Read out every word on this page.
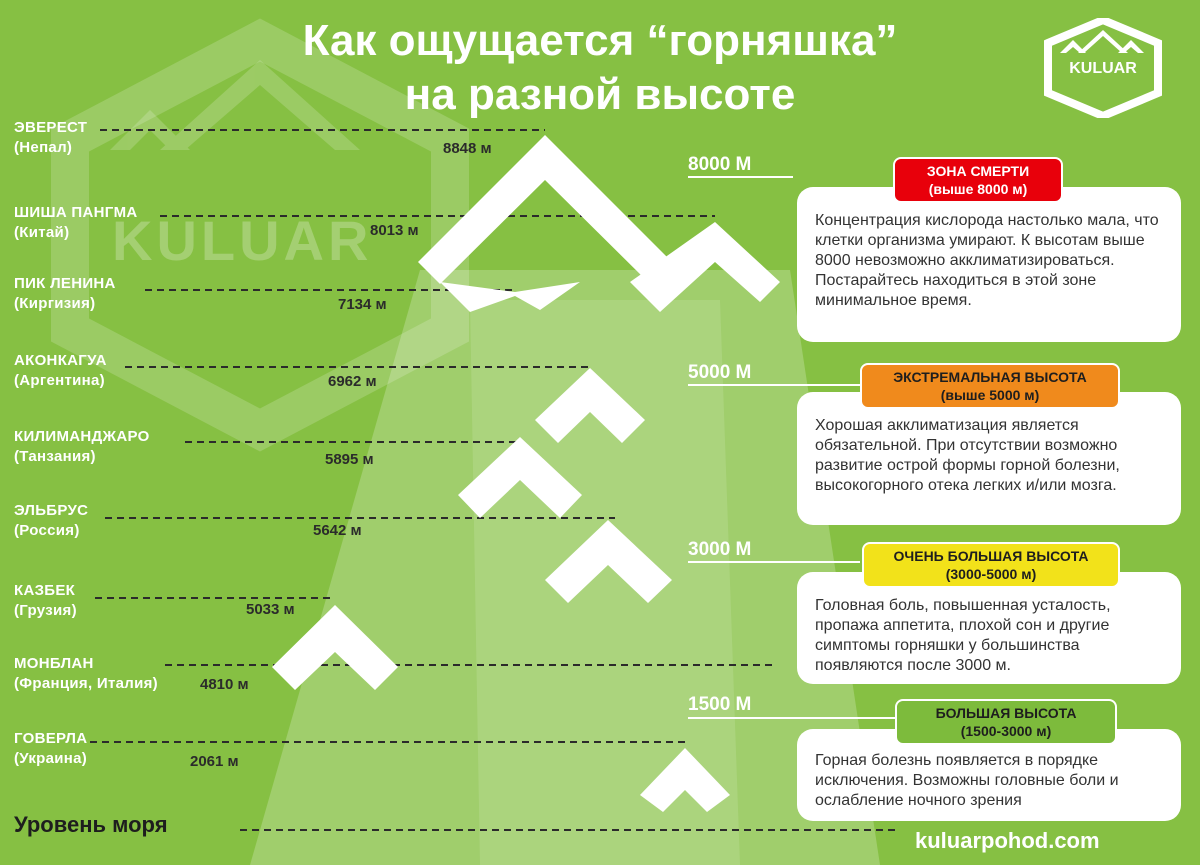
KULUAR
Как ощущается “горняшка”
на разной высоте
KULUAR
ЭВЕРЕСТ
(Непал)	8848 м
ШИША ПАНГМА
(Китай)	8013 м
ПИК ЛЕНИНА
(Киргизия)	7134 м
АКОНКАГУА
(Аргентина)	6962 м
КИЛИМАНДЖАРО
(Танзания)	5895 м
ЭЛЬБРУС
(Россия)	5642 м
КАЗБЕК
(Грузия)	5033 м
МОНБЛАН
(Франция, Италия)	4810 м
ГОВЕРЛА
(Украина)	2061 м
8000 М
5000 М
3000 М
1500 М
Концентрация кислорода настолько мала, что клетки организма умирают. К высотам выше 8000 невозможно акклиматизироваться. Постарайтесь находиться в этой зоне минимальное время.
ЗОНА СМЕРТИ
(выше 8000 м)
Хорошая акклиматизация является обязательной. При отсутствии возможно развитие острой формы горной болезни, высокогорного отека легких и/или мозга.
ЭКСТРЕМАЛЬНАЯ ВЫСОТА
(выше 5000 м)
Головная боль, повышенная усталость, пропажа аппетита, плохой сон и другие симптомы горняшки у большинства появляются после 3000 м.
ОЧЕНЬ БОЛЬШАЯ ВЫСОТА
(3000-5000 м)
Горная болезнь появляется в порядке исключения. Возможны головные боли и ослабление ночного зрения
БОЛЬШАЯ ВЫСОТА
(1500-3000 м)
Уровень моря
kuluarpohod.com
